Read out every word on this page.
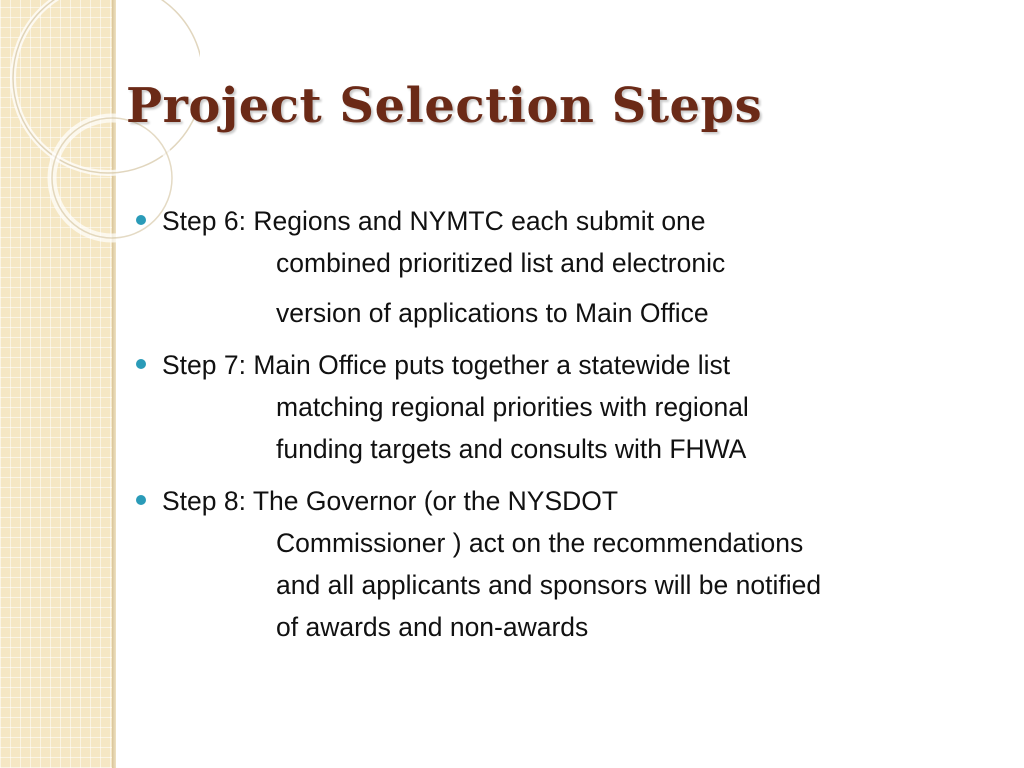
Project Selection Steps
Step 6: Regions and NYMTC each submit one
combined prioritized list and electronic
version of applications to Main Office
Step 7: Main Office puts together a statewide list
matching regional priorities with regional
funding targets and consults with FHWA
Step 8: The Governor (or the NYSDOT
Commissioner ) act on the recommendations
and all applicants and sponsors will be notified
of awards and non-awards
